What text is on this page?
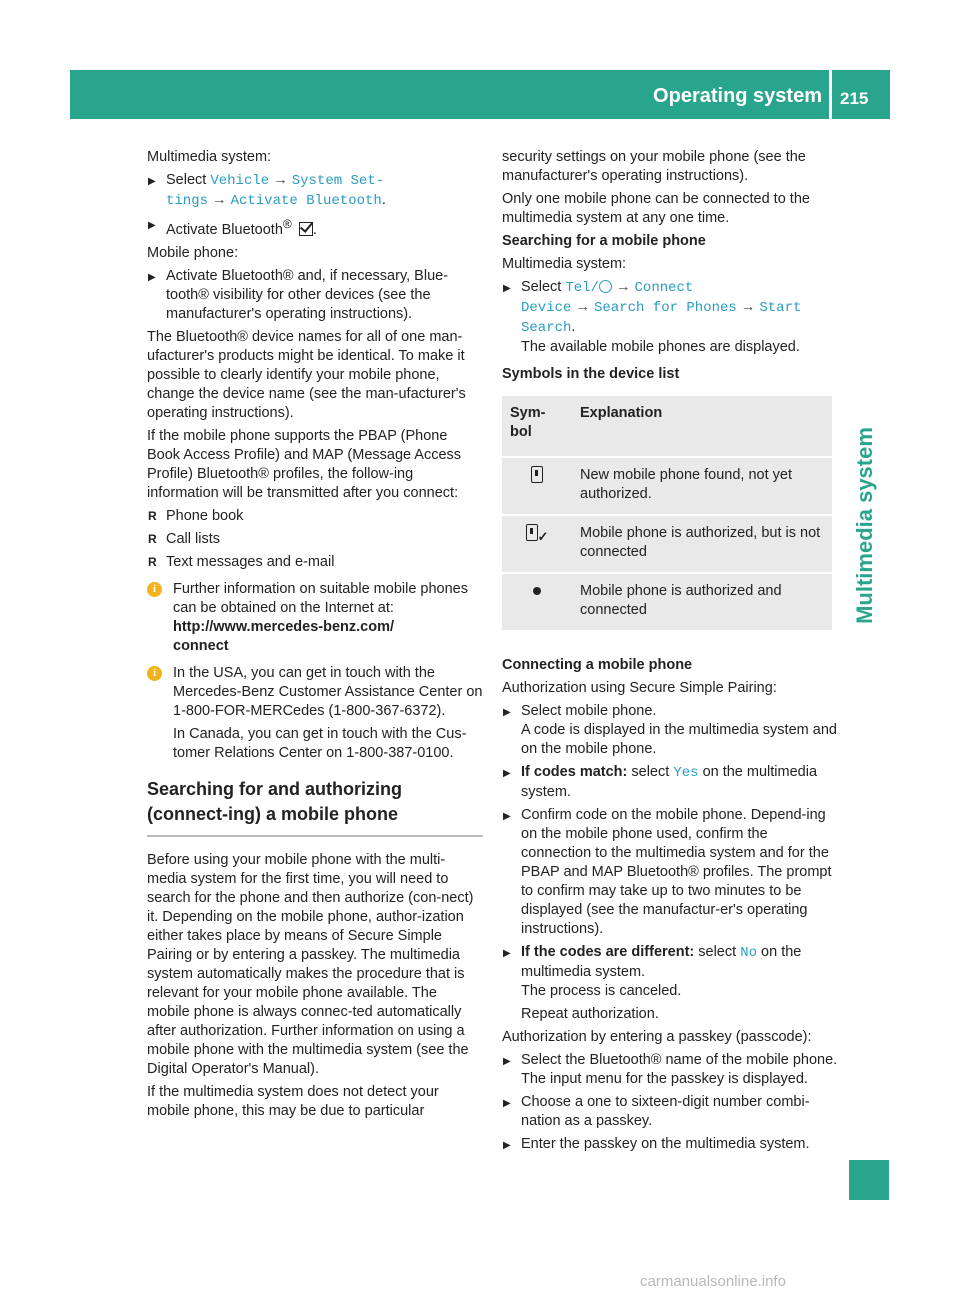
Operating system 215
Multimedia system

Multimedia system:

▶ Select Vehicle → System Set-
tings → Activate Bluetooth.
▶ Activate Bluetooth® .

Mobile phone:

▶ Activate Bluetooth® and, if necessary, Blue-tooth® visibility for other devices (see the manufacturer's operating instructions).

The Bluetooth® device names for all of one man-ufacturer's products might be identical. To make it possible to clearly identify your mobile phone, change the device name (see the man-ufacturer's operating instructions).

If the mobile phone supports the PBAP (Phone Book Access Profile) and MAP (Message Access Profile) Bluetooth® profiles, the follow-ing information will be transmitted after you connect:

R Phone book
R Call lists
R Text messages and e-mail
i	Further information on suitable mobile phones can be obtained on the Internet at:
http://www.mercedes-benz.com/
connect
i	In the USA, you can get in touch with the Mercedes-Benz Customer Assistance Center on 1-800-FOR-MERCedes (1-800-367-6372).

In Canada, you can get in touch with the Cus-tomer Relations Center on 1-800-387-0100.

Searching for and authorizing (connect-ing) a mobile phone

Before using your mobile phone with the multi-media system for the first time, you will need to search for the phone and then authorize (con-nect) it. Depending on the mobile phone, author-ization either takes place by means of Secure Simple Pairing or by entering a passkey. The multimedia system automatically makes the procedure that is relevant for your mobile phone available. The mobile phone is always connec-ted automatically after authorization. Further information on using a mobile phone with the multimedia system (see the Digital Operator's Manual).

If the multimedia system does not detect your mobile phone, this may be due to particular

security settings on your mobile phone (see the manufacturer's operating instructions).

Only one mobile phone can be connected to the multimedia system at any one time.

Searching for a mobile phone

Multimedia system:

▶ Select Tel/ → Connect
Device → Search for Phones → Start
Search.
The available mobile phones are displayed.

Symbols in the device list

Sym-bol	Explanation
	New mobile phone found, not yet authorized.
✓	Mobile phone is authorized, but is not connected
	Mobile phone is authorized and connected

Connecting a mobile phone

Authorization using Secure Simple Pairing:

▶ Select mobile phone.
A code is displayed in the multimedia system and on the mobile phone.
▶ If codes match: select Yes on the multimedia system.
▶ Confirm code on the mobile phone. Depend-ing on the mobile phone used, confirm the connection to the multimedia system and for the PBAP and MAP Bluetooth® profiles. The prompt to confirm may take up to two minutes to be displayed (see the manufactur-er's operating instructions).
▶ If the codes are different: select No on the multimedia system.
The process is canceled.

Repeat authorization.

Authorization by entering a passkey (passcode):

▶ Select the Bluetooth® name of the mobile phone.
The input menu for the passkey is displayed.
▶ Choose a one to sixteen-digit number combi-nation as a passkey.
▶ Enter the passkey on the multimedia system.
carmanualsonline.info
